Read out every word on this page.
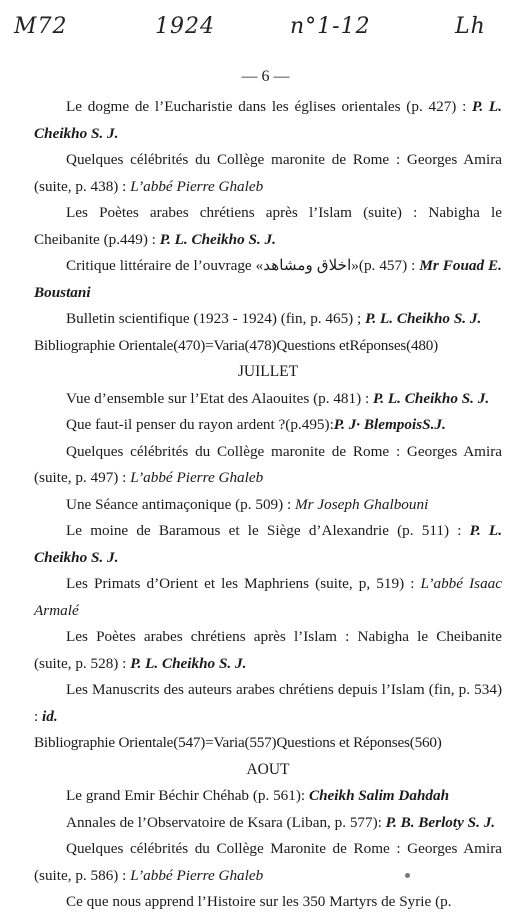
M72	1924	n°1-12	Lh
— 6 —
Le dogme de l’Eucharistie dans les églises orientales (p. 427) : P. L. Cheikho S. J.
Quelques célébrités du Collège maronite de Rome : Georges Amira (suite, p. 438) : L’abbé Pierre Ghaleb
Les Poètes arabes chrétiens après l’Islam (suite) : Nabigha le Cheibanite (p.449) : P. L. Cheikho S. J.
Critique littéraire de l’ouvrage «اخلاق ومشاهد»(p. 457) : Mr Fouad E. Boustani
Bulletin scientifique (1923 - 1924) (fin, p. 465) ; P. L. Cheikho S. J.
Bibliographie Orientale(470)=Varia(478)Questions etRéponses(480)
JUILLET
Vue d’ensemble sur l’Etat des Alaouites (p. 481) : P. L. Cheikho S. J.
Que faut-il penser du rayon ardent ?(p.495):P. J· BlempoisS.J.
Quelques célébrités du Collège maronite de Rome : Georges Amira (suite, p. 497) : L’abbé Pierre Ghaleb
Une Séance antimaçonique (p. 509) : Mr Joseph Ghalbouni
Le moine de Baramous et le Siège d’Alexandrie (p. 511) : P. L. Cheikho S. J.
Les Primats d’Orient et les Maphriens (suite, p, 519) : L’abbé Isaac Armalé
Les Poètes arabes chrétiens après l’Islam : Nabigha le Cheibanite (suite, p. 528) : P. L. Cheikho S. J.
Les Manuscrits des auteurs arabes chrétiens depuis l’Islam (fin, p. 534) : id.
Bibliographie Orientale(547)=Varia(557)Questions et Réponses(560)
AOUT
Le grand Emir Béchir Chéhab (p. 561): Cheikh Salim Dahdah
Annales de l’Observatoire de Ksara (Liban, p. 577): P. B. Berloty S. J.
Quelques célébrités du Collège Maronite de Rome : Georges Amira (suite, p. 586) : L’abbé Pierre Ghaleb
Ce que nous apprend l’Histoire sur les 350 Martyrs de Syrie (p.
